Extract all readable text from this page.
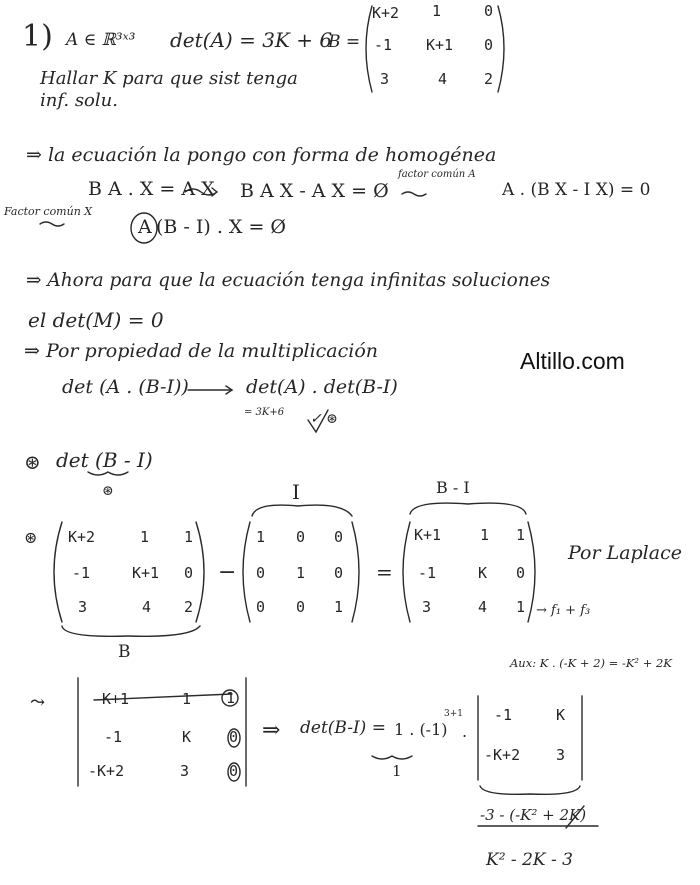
1) A ∈ ℝ³ˣ³ det(A) = 3K + 6
B =
K+2 1	0
-1 K+1 0
3	4 2
Hallar K para que sist tenga
inf. solu.
⇒ la ecuación la pongo con forma de homogénea
B A . X = A X B A X - A X = Ø
factor común A
A . (B X - I X) = 0
Factor común X
A (B - I) . X = Ø
⇒ Ahora para que la ecuación tenga infinitas soluciones
el det(M) = 0
⇒ Por propiedad de la multiplicación
det (A . (B-I))	det(A) . det(B-I)
= 3K+6 ✓ ⊛
Altillo.com
⊛ det (B - I)
⊛
⊛ K+2	1 1
-1	K+1 0
3	4 2
B
−
I
1 0 0
0 1 0
0 0 1
=
B - I
K+1	1 1
-1	K 0
3	4 1
Por Laplace
→ f₁ + f₃
Aux: K . (-K + 2) = -K² + 2K
⤳	K+1	1 1
-1	K	0
-K+2	3	0
⇒ det(B-I) = 1 . (-1)
3+1
.
1
-1	K
-K+2 3
-3 - (-K² + 2K)
K² - 2K - 3
